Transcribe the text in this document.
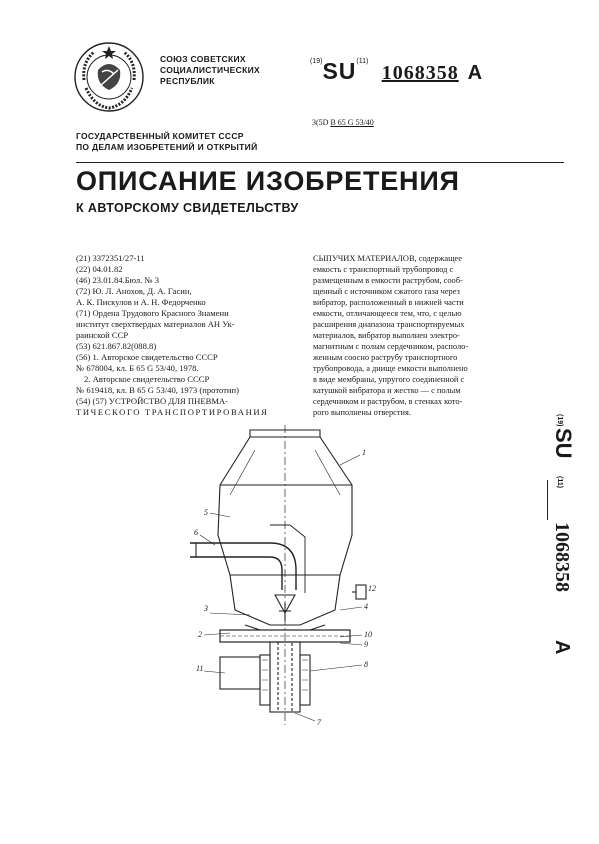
СОЮЗ СОВЕТСКИХ
СОЦИАЛИСТИЧЕСКИХ
РЕСПУБЛИК
$^{(19)}$SU$^{(11)}$   1068358 A
3(5D B 65 G 53/40
ГОСУДАРСТВЕННЫЙ КОМИТЕТ СССР
ПО ДЕЛАМ ИЗОБРЕТЕНИЙ И ОТКРЫТИЙ
ОПИСАНИЕ ИЗОБРЕТЕНИЯ
К АВТОРСКОМУ СВИДЕТЕЛЬСТВУ
(21) 3372351/27-11
(22) 04.01.82
(46) 23.01.84.Бюл. № 3
(72) Ю. Л. Анохов, Д. А. Гасин,
А. К. Пискулов и А. Н. Федорченко
(71) Ордена Трудового Красного Знамени
институт сверхтвердых материалов АН Ук-
раинской ССР
(53) 621.867.82(088.8)
(56) 1. Авторское свидетельство СССР
№ 678004, кл. Б 65 G 53/40, 1978.
2. Авторское свидетельство СССР
№ 619418, кл. В 65 G 53/40, 1973 (прототип)
(54) (57) УСТРОЙСТВО ДЛЯ ПНЕВМА-
ТИЧЕСКОГО ТРАНСПОРТИРОВАНИЯ
СЫПУЧИХ МАТЕРИАЛОВ, содержащее
емкость с транспортный трубопровод с
размещенным в емкости раструбом, сооб-
щенный с источником сжатого газа через
вибратор, расположенный в нижней части
емкости, отличающееся тем, что, с целью
расширения диапазона транспортируемых
материалов, вибратор выполнен электро-
магнитным с полым сердечником, располо-
женным соосно раструбу транспортного
трубопровода, а днище емкости выполнено
в виде мембраны, упругого соединенной с
катушкой вибратора и жестко — с полым
сердечником и раструбом, в стенках кото-
рого выполнены отверстия.
(19)
SU
(11)
1068358
A
1
2
3	4
5
6
7
8
9
10
11
12
